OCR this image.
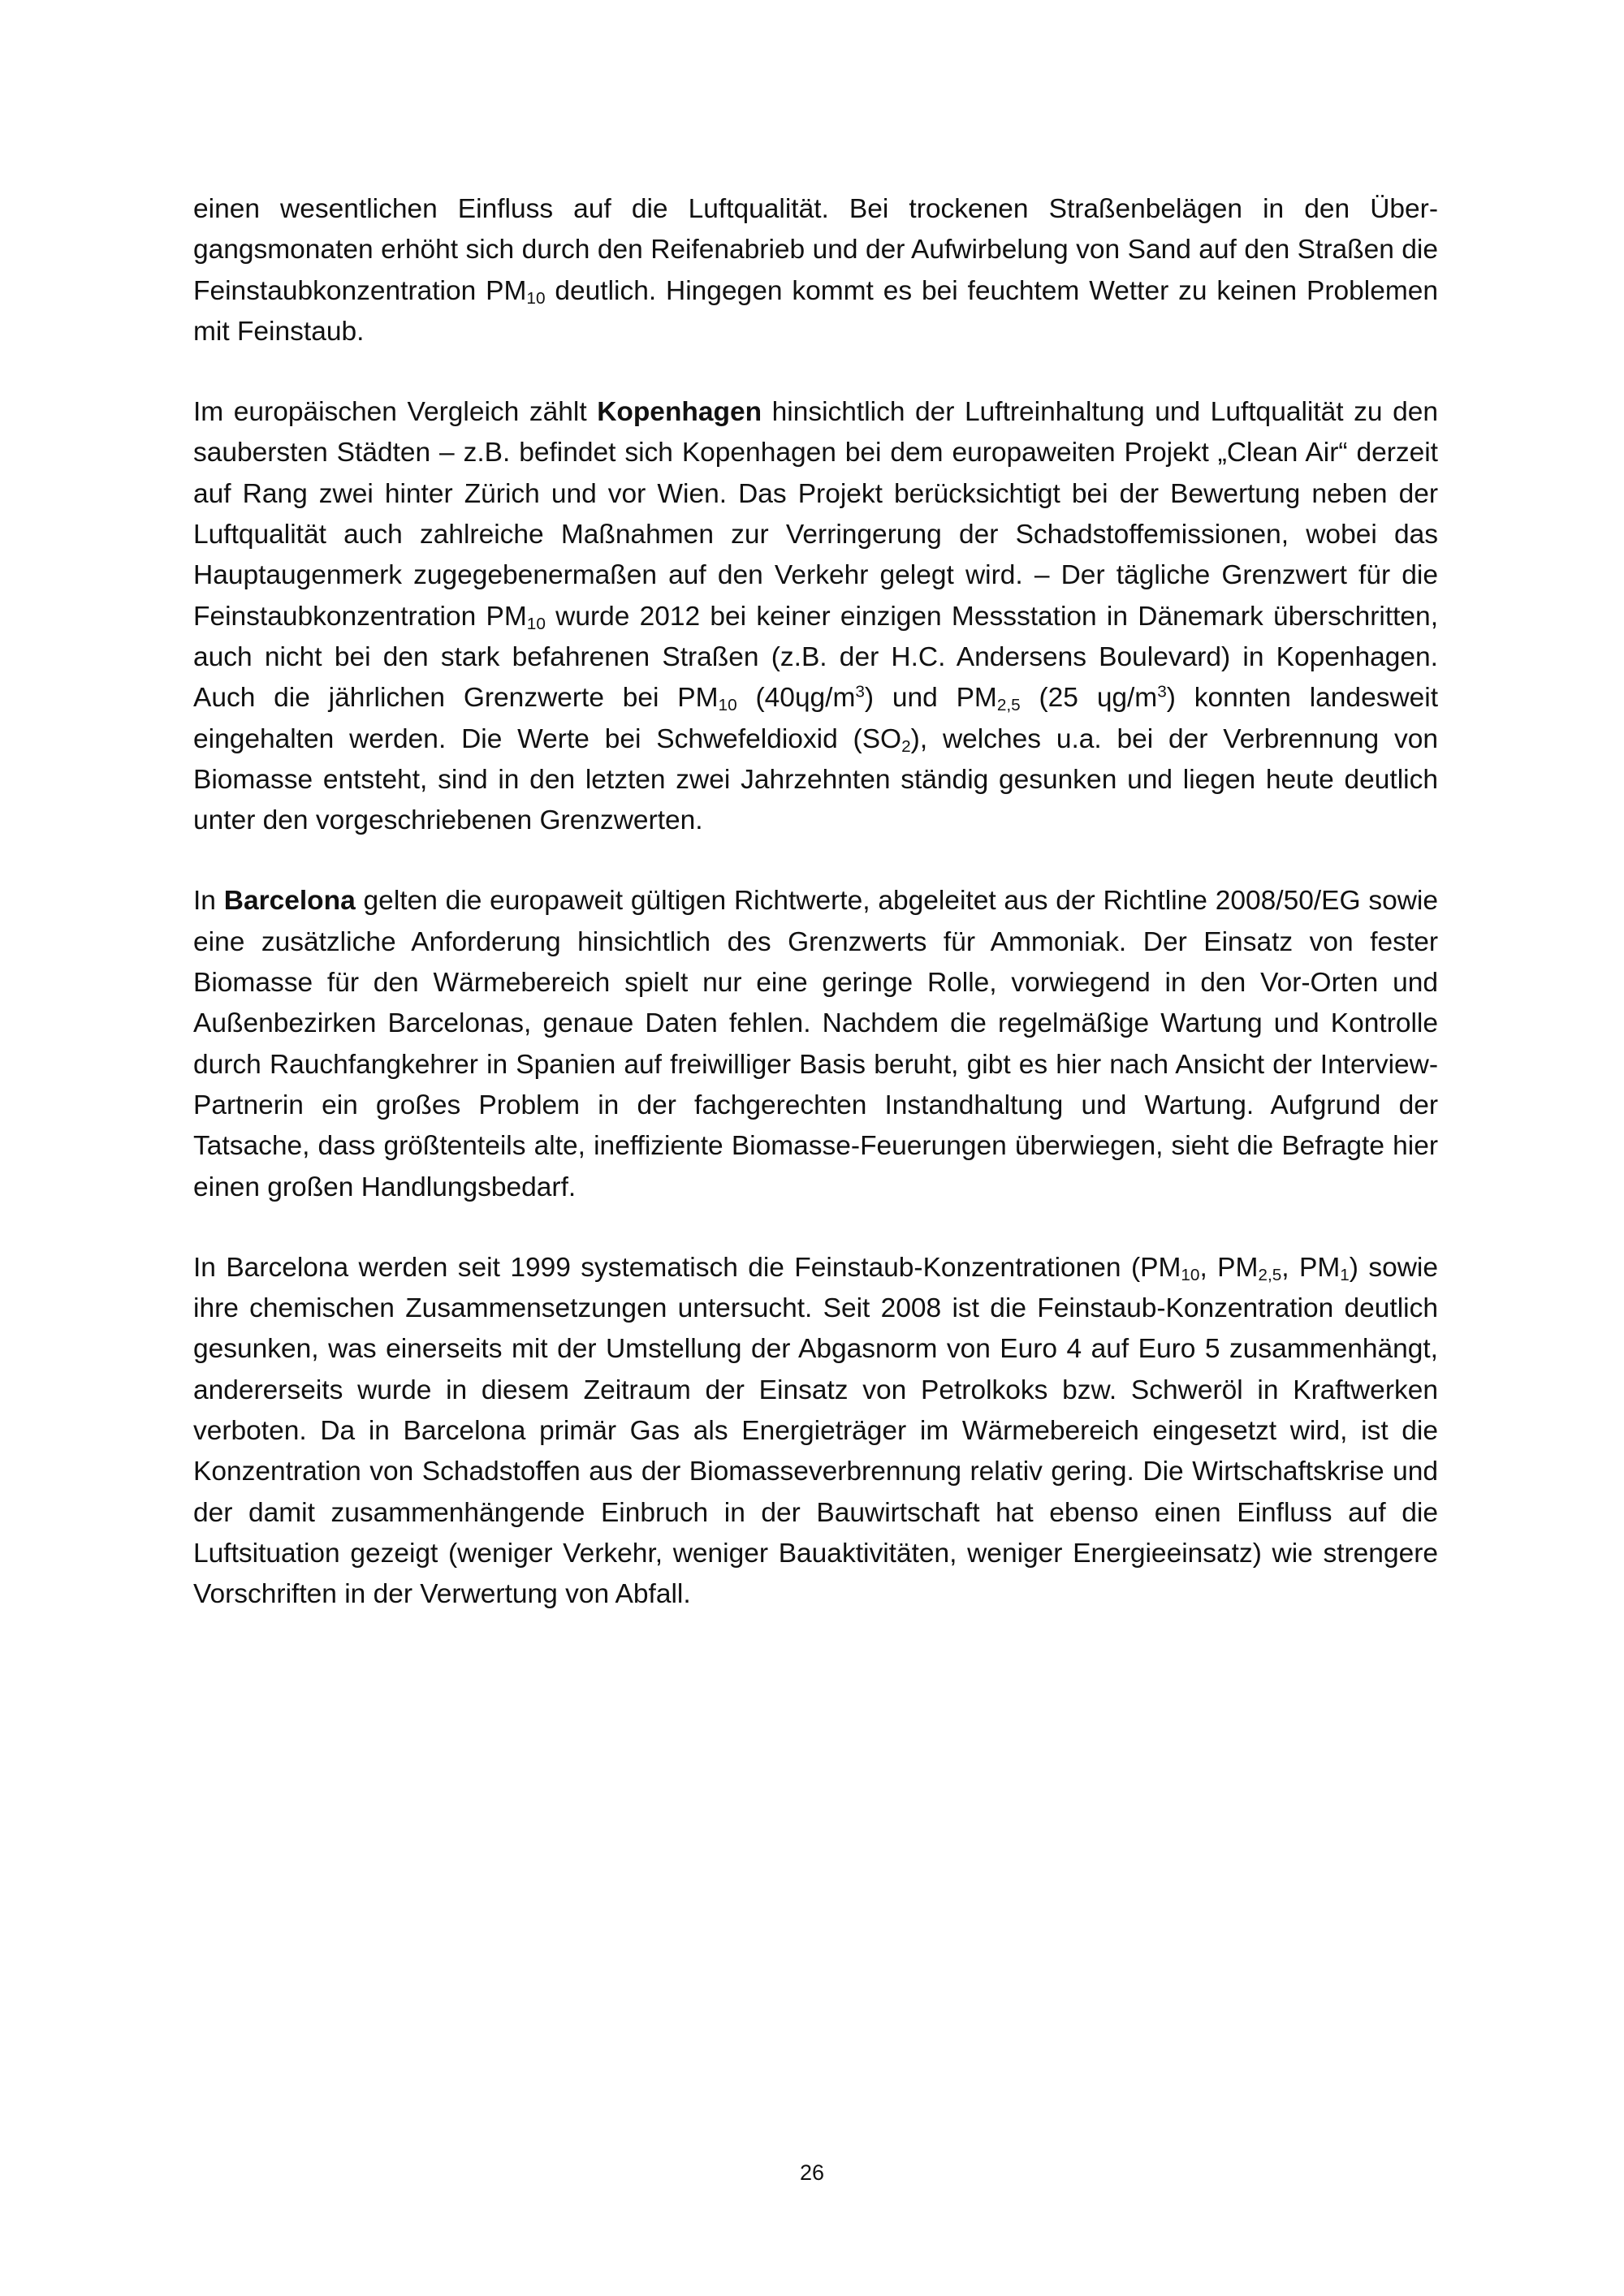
einen wesentlichen Einfluss auf die Luftqualität. Bei trockenen Straßenbelägen in den Übergangsmonaten erhöht sich durch den Reifenabrieb und der Aufwirbelung von Sand auf den Straßen die Feinstaubkonzentration $PM_{10}$ deutlich. Hingegen kommt es bei feuchtem Wetter zu keinen Problemen mit Feinstaub.

Im europäischen Vergleich zählt Kopenhagen hinsichtlich der Luftreinhaltung und Luftqualität zu den saubersten Städten – z.B. befindet sich Kopenhagen bei dem europaweiten Projekt „Clean Air“ derzeit auf Rang zwei hinter Zürich und vor Wien. Das Projekt berücksichtigt bei der Bewertung neben der Luftqualität auch zahlreiche Maßnahmen zur Verringerung der Schadstoffemissionen, wobei das Hauptaugenmerk zugegebenermaßen auf den Verkehr gelegt wird. – Der tägliche Grenzwert für die Feinstaubkonzentration $PM_{10}$ wurde 2012 bei keiner einzigen Messstation in Dänemark überschritten, auch nicht bei den stark befahrenen Straßen (z.B. der H.C. Andersens Boulevard) in Kopenhagen. Auch die jährlichen Grenzwerte bei $PM_{10}$ $(40ɥg/m^3)$ und $PM_{2,5}$ (25 $ɥg/m^3$) konnten landesweit eingehalten werden. Die Werte bei Schwefeldioxid $(SO_2)$, welches u.a. bei der Verbrennung von Biomasse entsteht, sind in den letzten zwei Jahrzehnten ständig gesunken und liegen heute deutlich unter den vorgeschriebenen Grenzwerten.

In Barcelona gelten die europaweit gültigen Richtwerte, abgeleitet aus der Richtline 2008/50/EG sowie eine zusätzliche Anforderung hinsichtlich des Grenzwerts für Ammoniak. Der Einsatz von fester Biomasse für den Wärmebereich spielt nur eine geringe Rolle, vorwiegend in den Vor-Orten und Außenbezirken Barcelonas, genaue Daten fehlen. Nachdem die regelmäßige Wartung und Kontrolle durch Rauchfangkehrer in Spanien auf freiwilliger Basis beruht, gibt es hier nach Ansicht der Interview-Partnerin ein großes Problem in der fachgerechten Instandhaltung und Wartung. Aufgrund der Tatsache, dass größtenteils alte, ineffiziente Biomasse-Feuerungen überwiegen, sieht die Befragte hier einen großen Handlungsbedarf.

In Barcelona werden seit 1999 systematisch die Feinstaub-Konzentrationen ($PM_{10}$, $PM_{2,5}$, $PM_1$) sowie ihre chemischen Zusammensetzungen untersucht. Seit 2008 ist die Feinstaub-Konzentration deutlich gesunken, was einerseits mit der Umstellung der Abgasnorm von Euro 4 auf Euro 5 zusammenhängt, andererseits wurde in diesem Zeitraum der Einsatz von Petrolkoks bzw. Schweröl in Kraftwerken verboten. Da in Barcelona primär Gas als Energieträger im Wärmebereich eingesetzt wird, ist die Konzentration von Schadstoffen aus der Biomasseverbrennung relativ gering. Die Wirtschaftskrise und der damit zusammenhängende Einbruch in der Bauwirtschaft hat ebenso einen Einfluss auf die Luftsituation gezeigt (weniger Verkehr, weniger Bauaktivitäten, weniger Energieeinsatz) wie strengere Vorschriften in der Verwertung von Abfall.

26
